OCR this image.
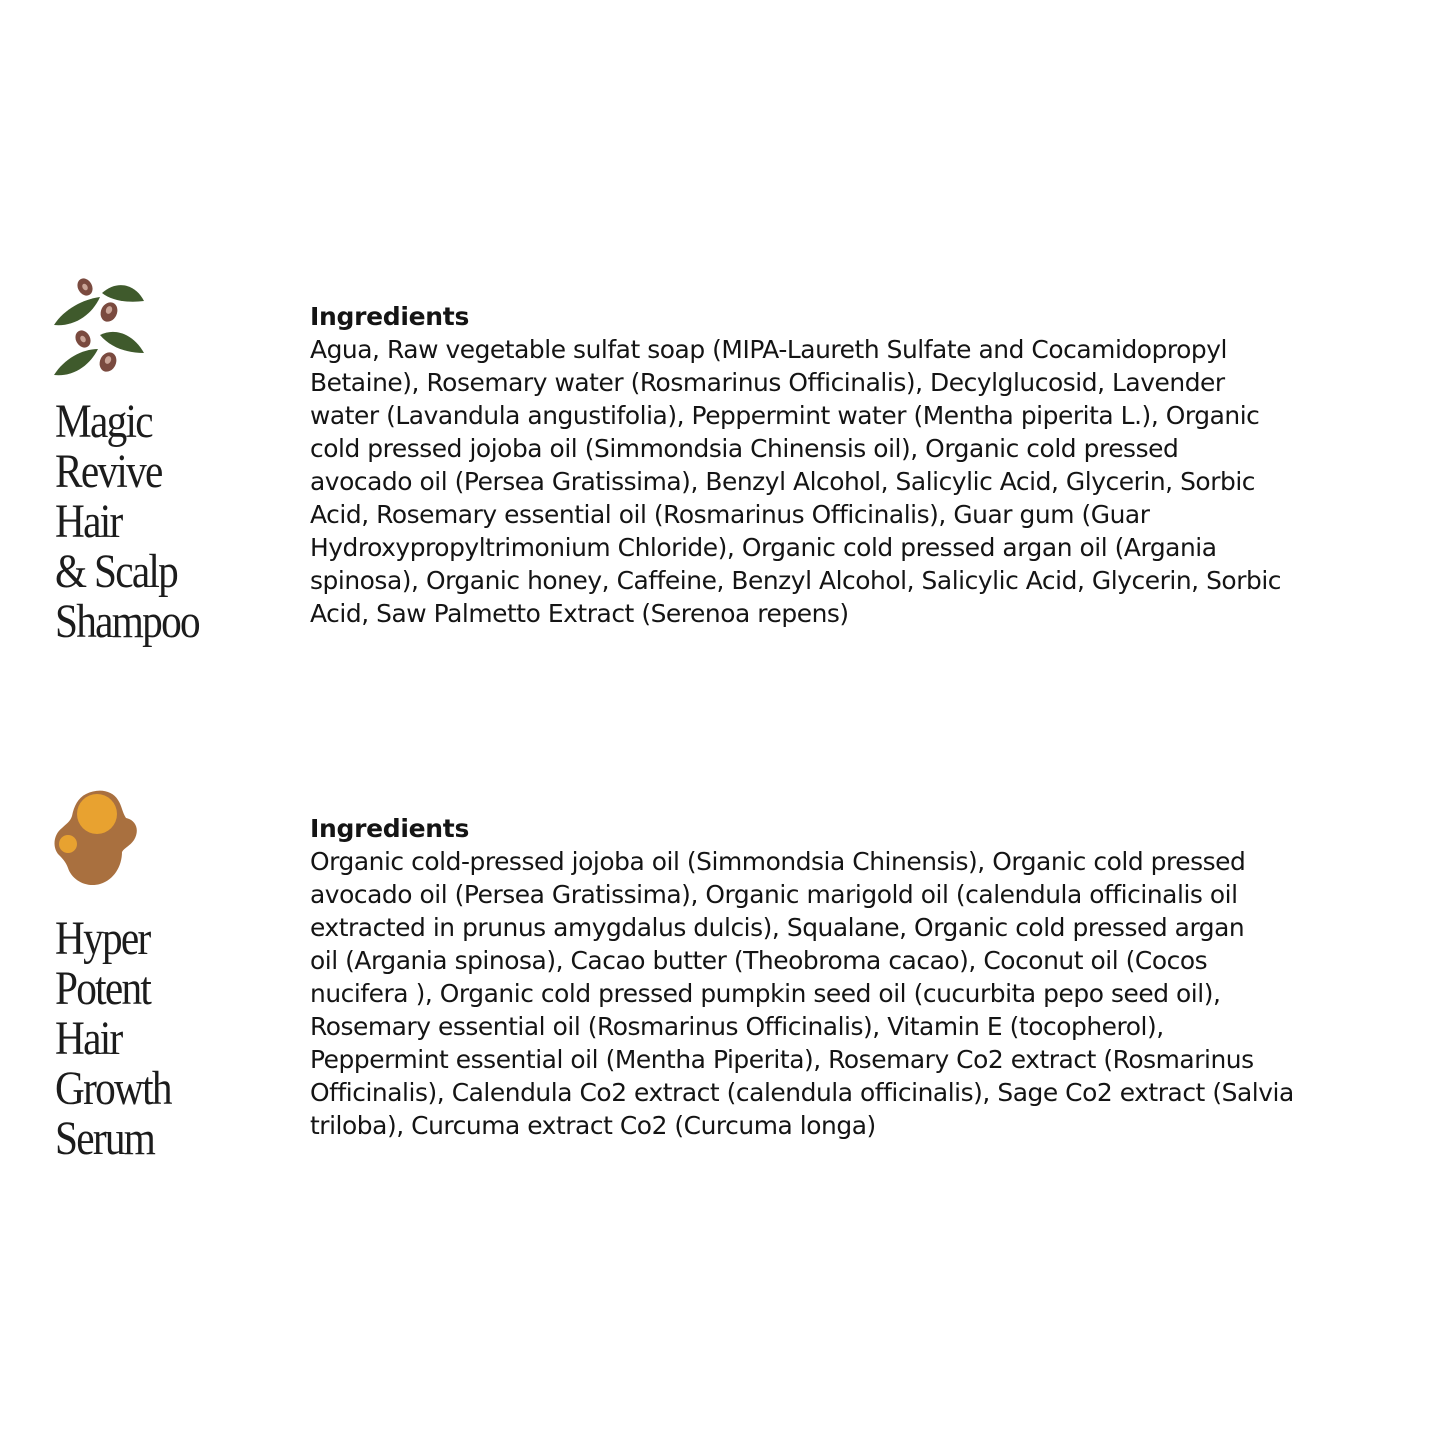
Magic
Revive
Hair
& Scalp
Shampoo
Ingredients

Agua, Raw vegetable sulfat soap (MIPA-Laureth Sulfate and Cocamidopropyl
Betaine), Rosemary water (Rosmarinus Officinalis), Decylglucosid, Lavender
water (Lavandula angustifolia), Peppermint water (Mentha piperita L.), Organic
cold pressed jojoba oil (Simmondsia Chinensis oil), Organic cold pressed
avocado oil (Persea Gratissima), Benzyl Alcohol, Salicylic Acid, Glycerin, Sorbic
Acid, Rosemary essential oil (Rosmarinus Officinalis), Guar gum (Guar
Hydroxypropyltrimonium Chloride), Organic cold pressed argan oil (Argania
spinosa), Organic honey, Caffeine, Benzyl Alcohol, Salicylic Acid, Glycerin, Sorbic
Acid, Saw Palmetto Extract (Serenoa repens)

Hyper
Potent
Hair
Growth
Serum
Ingredients

Organic cold-pressed jojoba oil (Simmondsia Chinensis), Organic cold pressed
avocado oil (Persea Gratissima), Organic marigold oil (calendula officinalis oil
extracted in prunus amygdalus dulcis), Squalane, Organic cold pressed argan
oil (Argania spinosa), Cacao butter (Theobroma cacao), Coconut oil (Cocos
nucifera ), Organic cold pressed pumpkin seed oil (cucurbita pepo seed oil),
Rosemary essential oil (Rosmarinus Officinalis), Vitamin E (tocopherol),
Peppermint essential oil (Mentha Piperita), Rosemary Co2 extract (Rosmarinus
Officinalis), Calendula Co2 extract (calendula officinalis), Sage Co2 extract (Salvia
triloba), Curcuma extract Co2 (Curcuma longa)
